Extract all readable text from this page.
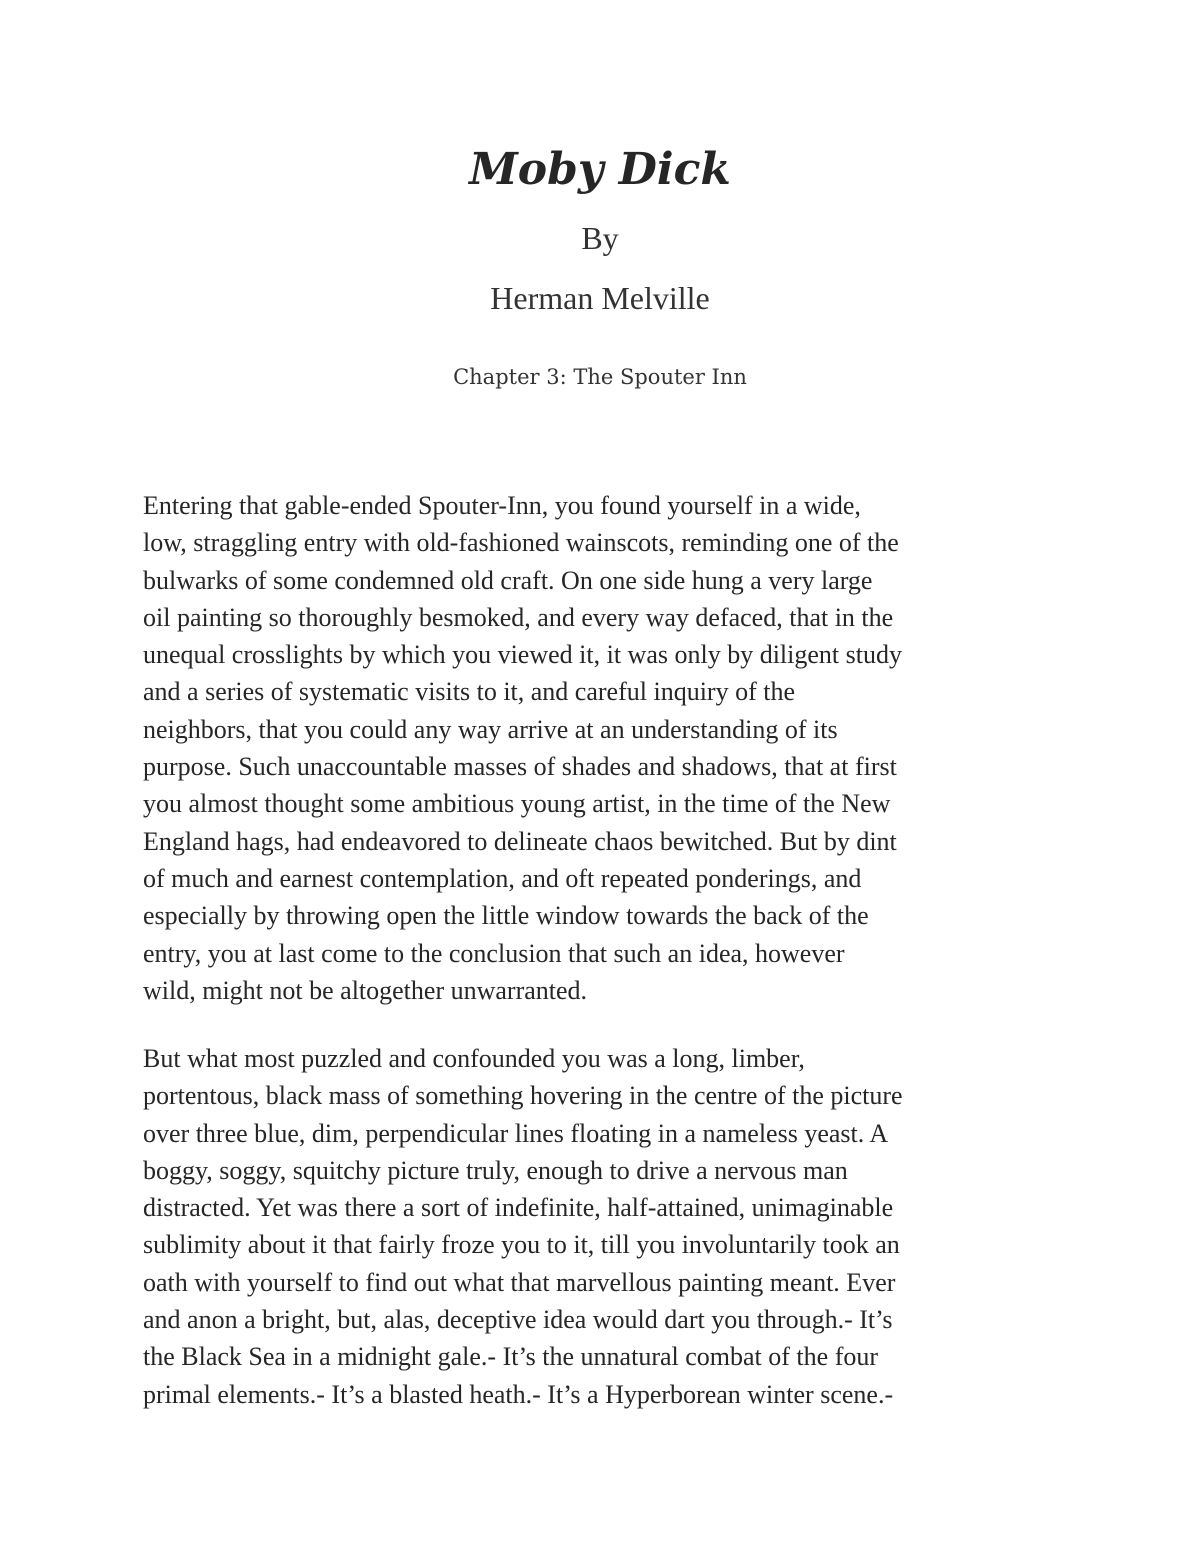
Moby Dick
By
Herman Melville
Chapter 3: The Spouter Inn
Entering that gable-ended Spouter-Inn, you found yourself in a wide,
low, straggling entry with old-fashioned wainscots, reminding one of the
bulwarks of some condemned old craft. On one side hung a very large
oil painting so thoroughly besmoked, and every way defaced, that in the
unequal crosslights by which you viewed it, it was only by diligent study
and a series of systematic visits to it, and careful inquiry of the
neighbors, that you could any way arrive at an understanding of its
purpose. Such unaccountable masses of shades and shadows, that at first
you almost thought some ambitious young artist, in the time of the New
England hags, had endeavored to delineate chaos bewitched. But by dint
of much and earnest contemplation, and oft repeated ponderings, and
especially by throwing open the little window towards the back of the
entry, you at last come to the conclusion that such an idea, however
wild, might not be altogether unwarranted.
But what most puzzled and confounded you was a long, limber,
portentous, black mass of something hovering in the centre of the picture
over three blue, dim, perpendicular lines floating in a nameless yeast. A
boggy, soggy, squitchy picture truly, enough to drive a nervous man
distracted. Yet was there a sort of indefinite, half-attained, unimaginable
sublimity about it that fairly froze you to it, till you involuntarily took an
oath with yourself to find out what that marvellous painting meant. Ever
and anon a bright, but, alas, deceptive idea would dart you through.- It’s
the Black Sea in a midnight gale.- It’s the unnatural combat of the four
primal elements.- It’s a blasted heath.- It’s a Hyperborean winter scene.-
